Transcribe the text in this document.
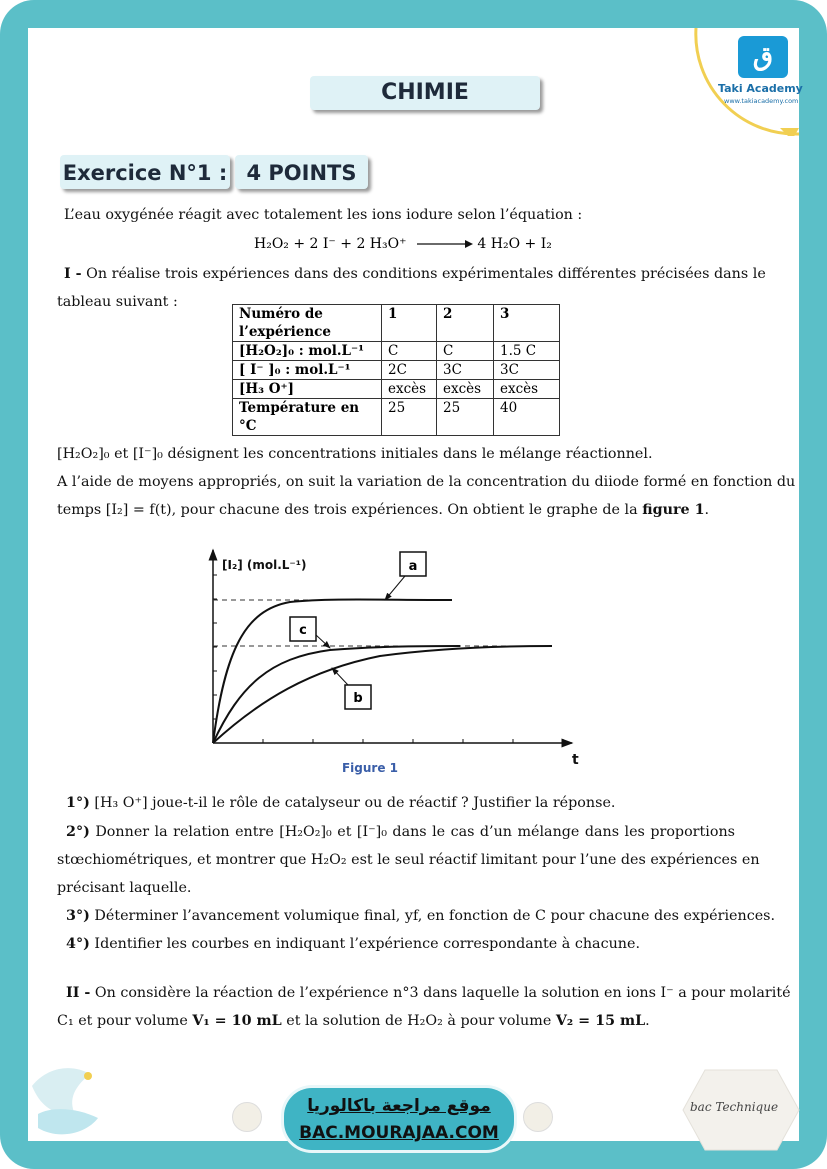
ق
Taki Academy
www.takiacademy.com
CHIMIE
Exercice N°1 : 4 POINTS
L’eau oxygénée réagit avec totalement les ions iodure selon l’équation :
H₂O₂ + 2 I⁻ + 2 H₃O⁺	4 H₂O + I₂
I - On réalise trois expériences dans des conditions expérimentales différentes précisées dans le
tableau suivant :
Numéro de l’expérience	1	2	3
[H₂O₂]₀ : mol.L⁻¹	C	C	1.5 C
[ I⁻ ]₀ : mol.L⁻¹	2C	3C	3C
[H₃ O⁺]	excès	excès	excès
Température en °C	25	25	40
[H₂O₂]₀ et [I⁻]₀ désignent les concentrations initiales dans le mélange réactionnel.
A l’aide de moyens appropriés, on suit la variation de la concentration du diiode formé en fonction du
temps [I₂] = f(t), pour chacune des trois expériences. On obtient le graphe de la figure 1.
[I₂] (mol.L⁻¹)
t
a
c
b
Figure 1
1°) [H₃ O⁺] joue-t-il le rôle de catalyseur ou de réactif ? Justifier la réponse.
2°) Donner la relation entre [H₂O₂]₀ et [I⁻]₀ dans le cas d’un mélange dans les proportions
stœchiométriques, et montrer que H₂O₂ est le seul réactif limitant pour l’une des expériences en
précisant laquelle.
3°) Déterminer l’avancement volumique final, yf, en fonction de C pour chacune des expériences.
4°) Identifier les courbes en indiquant l’expérience correspondante à chacune.
II - On considère la réaction de l’expérience n°3 dans laquelle la solution en ions I⁻ a pour molarité
C₁ et pour volume V₁ = 10 mL et la solution de H₂O₂ à pour volume V₂ = 15 mL.
موقع مراجعة باكالوريا
BAC.MOURAJAA.COM
bac Technique
